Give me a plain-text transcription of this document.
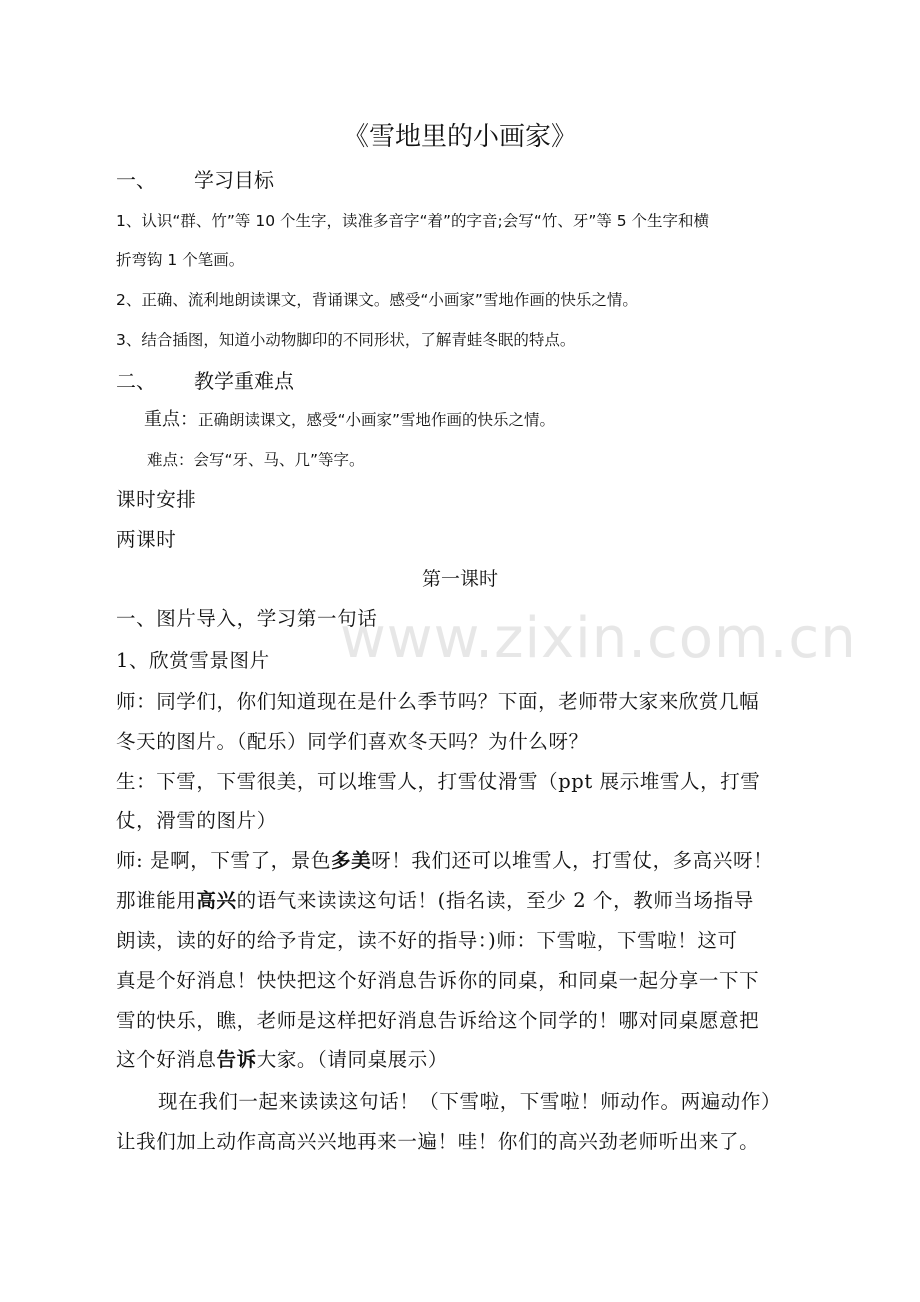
《雪地里的小画家》
一、 学习目标
1、认识“群、竹”等 10 个生字，读准多音字“着”的字音;会写“竹、牙”等 5 个生字和横
折弯钩 1 个笔画。
2、正确、流利地朗读课文，背诵课文。感受“小画家”雪地作画的快乐之情。
3、结合插图，知道小动物脚印的不同形状，了解青蛙冬眠的特点。
二、 教学重难点
重点：正确朗读课文，感受“小画家”雪地作画的快乐之情。
难点：会写“牙、马、几”等字。
课时安排
两课时
第一课时
一、图片导入，学习第一句话
1、欣赏雪景图片
师：同学们，你们知道现在是什么季节吗？下面，老师带大家来欣赏几幅
冬天的图片。（配乐）同学们喜欢冬天吗？为什么呀？
生：下雪，下雪很美，可以堆雪人，打雪仗滑雪（ppt 展示堆雪人，打雪
仗，滑雪的图片）
师: 是啊，下雪了，景色多美呀！我们还可以堆雪人，打雪仗，多高兴呀！
那谁能用高兴的语气来读读这句话！(指名读，至少 2 个，教师当场指导
朗读，读的好的给予肯定，读不好的指导：)师：下雪啦，下雪啦！这可
真是个好消息！快快把这个好消息告诉你的同桌，和同桌一起分享一下下
雪的快乐，瞧，老师是这样把好消息告诉给这个同学的！哪对同桌愿意把
这个好消息告诉大家。（请同桌展示）
现在我们一起来读读这句话！（下雪啦，下雪啦！师动作。两遍动作）
让我们加上动作高高兴兴地再来一遍！哇！你们的高兴劲老师听出来了。
www.zixin.com.cn
